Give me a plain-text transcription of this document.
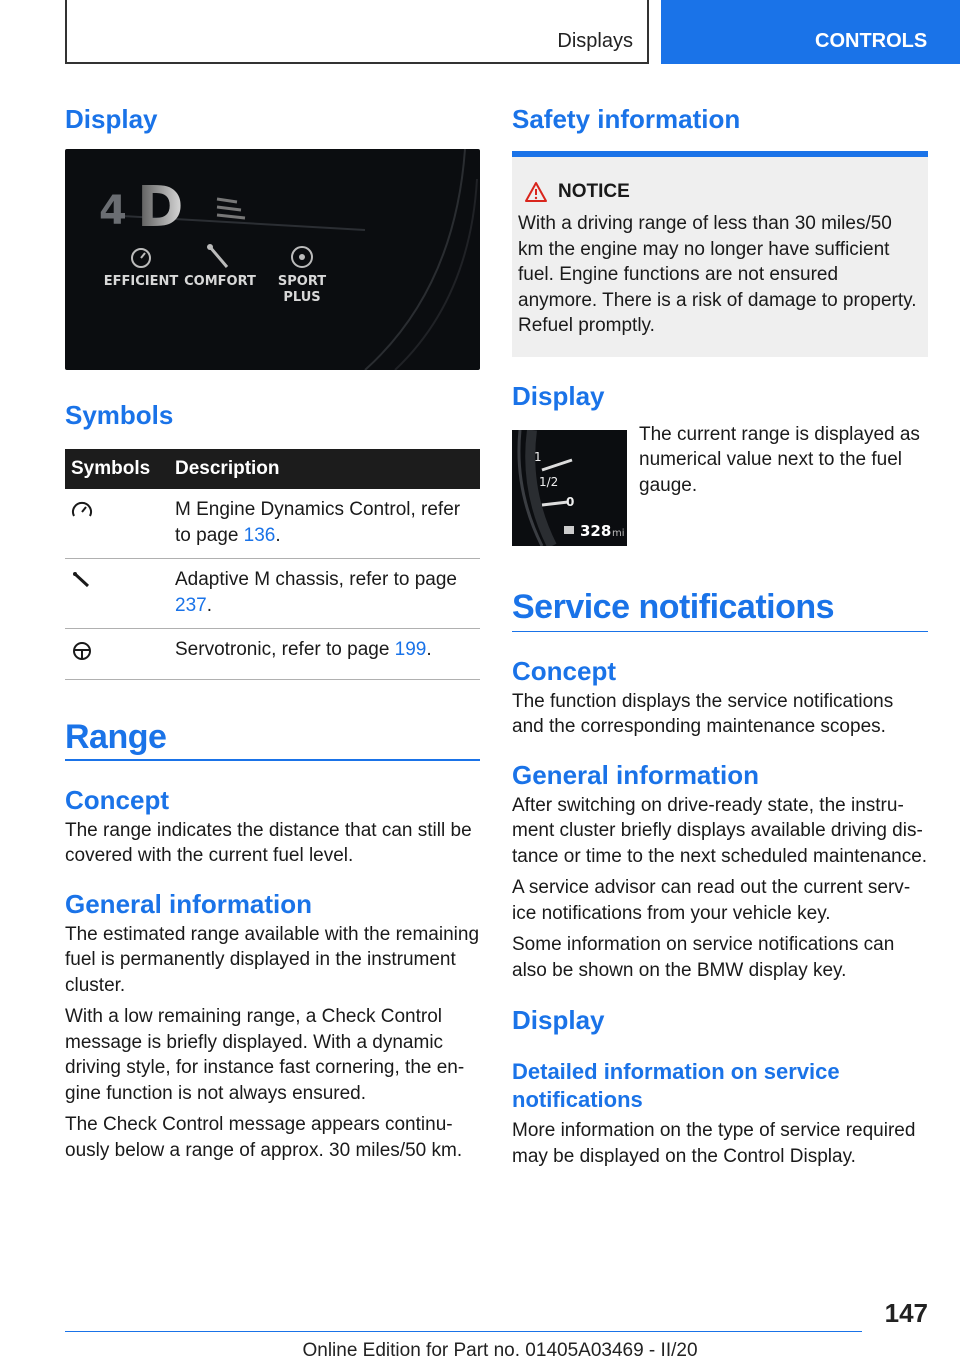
Displays	CONTROLS
Display
4 D
EFFICIENT COMFORT SPORT
PLUS
Symbols
Symbols	Description
	M Engine Dynamics Control, refer to page 136.
	Adaptive M chassis, refer to page 237.
	Servotronic, refer to page 199.
Range
Concept

The range indicates the distance that can still be covered with the current fuel level.

General information

The estimated range available with the remaining fuel is permanently displayed in the instrument cluster.

With a low remaining range, a Check Control message is briefly displayed. With a dynamic driving style, for instance fast cornering, the engine function is not always ensured.

The Check Control message appears continuously below a range of approx. 30 miles/50 km.

Safety information
NOTICE

With a driving range of less than 30 miles/50 km the engine may no longer have sufficient fuel. Engine functions are not ensured anymore. There is a risk of damage to property. Refuel promptly.

Display
1
1/2
0
328 mi
The current range is displayed as numerical value next to the fuel gauge.
Service notifications
Concept

The function displays the service notifications and the corresponding maintenance scopes.

General information

After switching on drive-ready state, the instrument cluster briefly displays available driving distance or time to the next scheduled maintenance.

A service advisor can read out the current service notifications from your vehicle key.

Some information on service notifications can also be shown on the BMW display key.

Display
Detailed information on service notifications

More information on the type of service required may be displayed on the Control Display.

147
Online Edition for Part no. 01405A03469 - II/20
